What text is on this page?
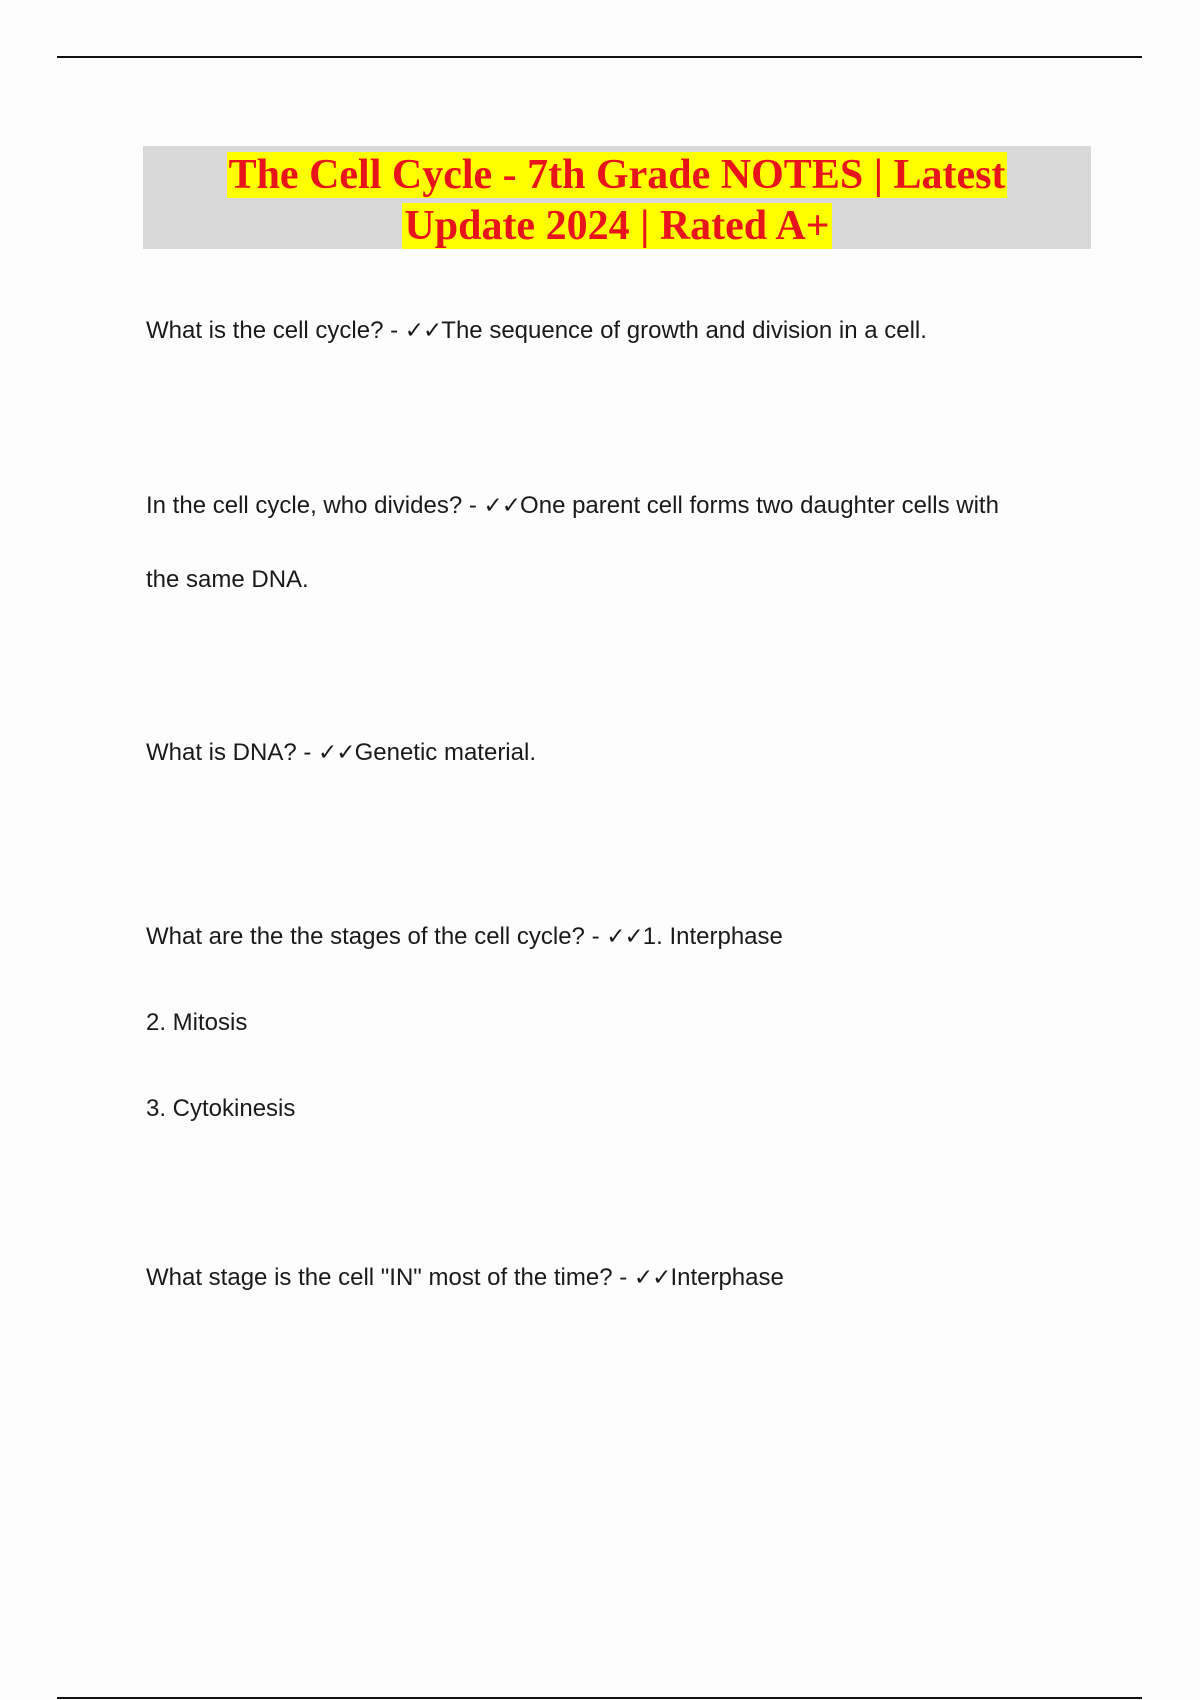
The Cell Cycle - 7th Grade NOTES | Latest
Update 2024 | Rated A+

What is the cell cycle? - ✓✓The sequence of growth and division in a cell.

In the cell cycle, who divides? - ✓✓One parent cell forms two daughter cells with
the same DNA.

What is DNA? - ✓✓Genetic material.

What are the the stages of the cell cycle? - ✓✓1. Interphase
2. Mitosis
3. Cytokinesis

What stage is the cell "IN" most of the time? - ✓✓Interphase
